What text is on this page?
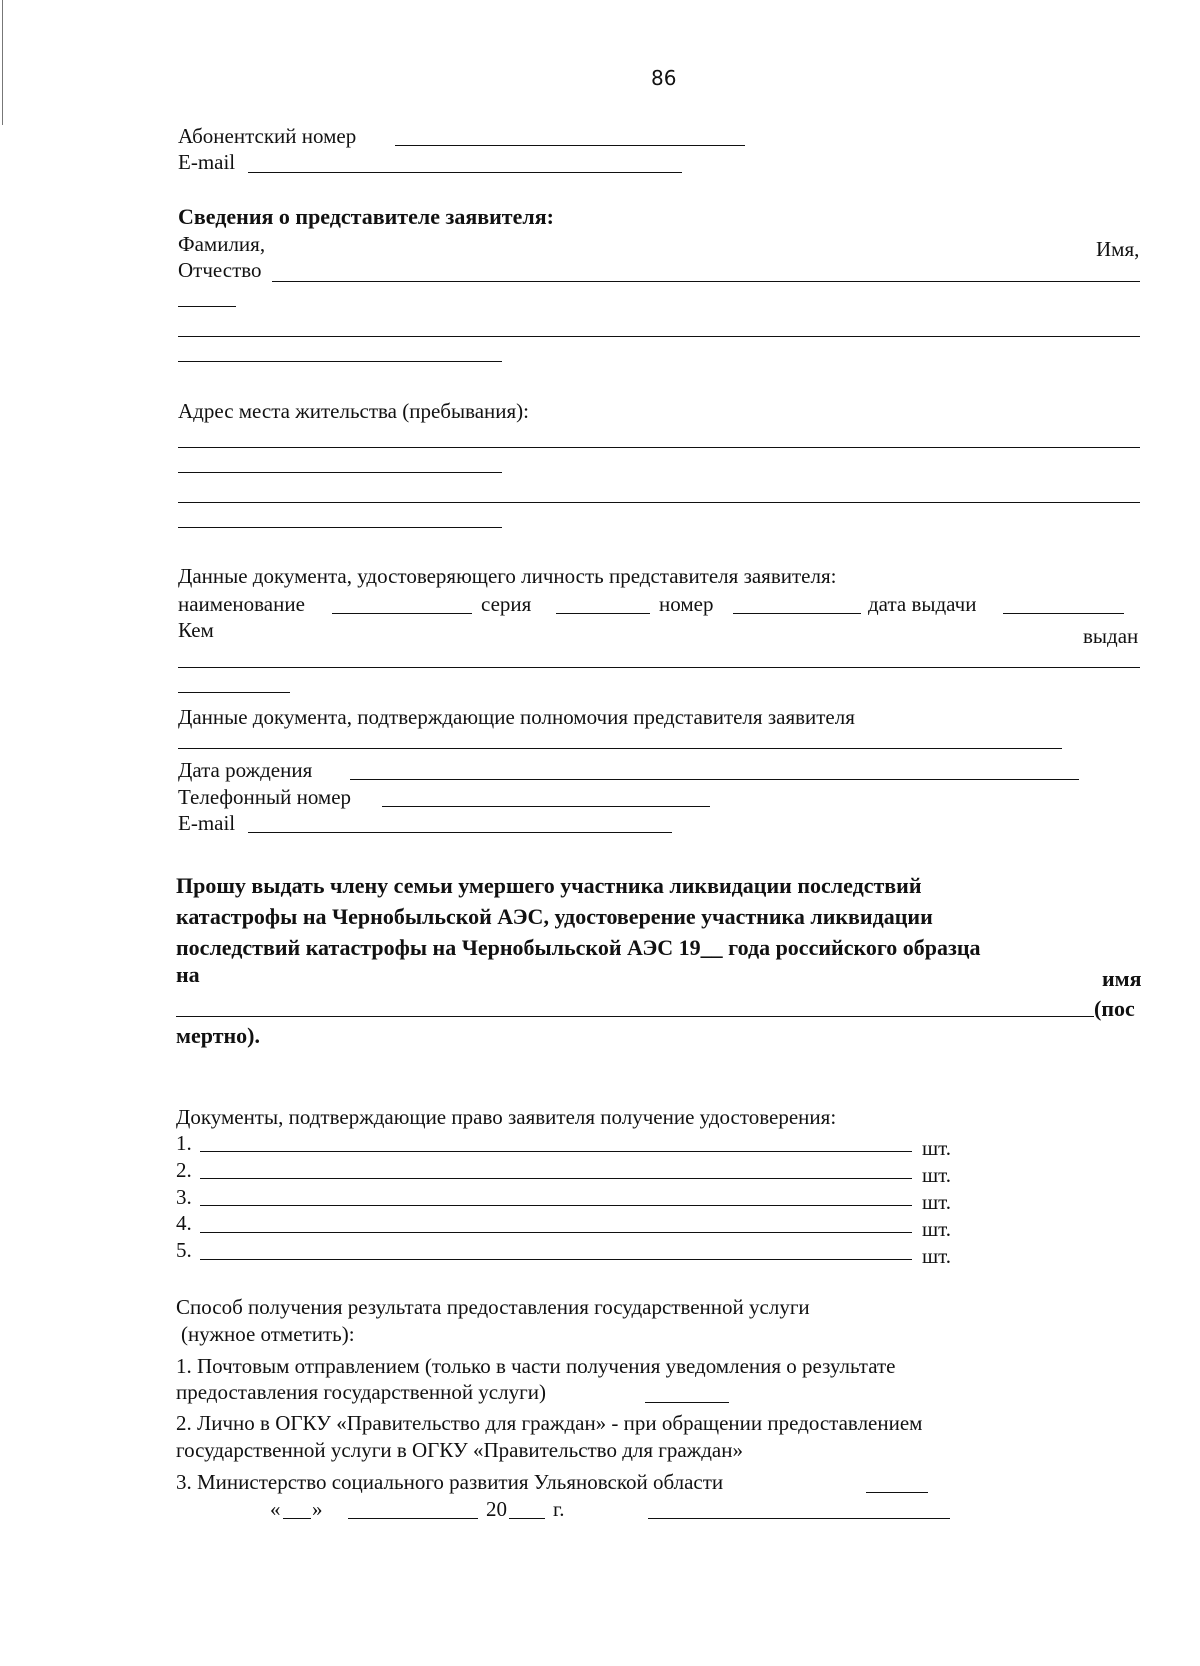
86
Абонентский номер
E-mail
Сведения о представителе заявителя:
Фамилия,	Имя,
Отчество
Адрес места жительства (пребывания):
Данные документа, удостоверяющего личность представителя заявителя:
наименование	серия	номер	дата выдачи
Кем	выдан
Данные документа, подтверждающие полномочия представителя заявителя
Дата рождения
Телефонный номер
E-mail
Прошу выдать члену семьи умершего участника ликвидации последствий
катастрофы на Чернобыльской АЭС, удостоверение участника ликвидации
последствий катастрофы на Чернобыльской АЭС 19__ года российского образца
на	имя
(пос
мертно).
Документы, подтверждающие право заявителя получение удостоверения:
1.	шт.
2.	шт.
3.	шт.
4.	шт.
5.	шт.
Способ получения результата предоставления государственной услуги
(нужное отметить):
1. Почтовым отправлением (только в части получения уведомления о результате
предоставления государственной услуги)
2. Лично в ОГКУ «Правительство для граждан» - при обращении предоставлением
государственной услуги в ОГКУ «Правительство для граждан»
3. Министерство социального развития Ульяновской области
« »	20 г.
